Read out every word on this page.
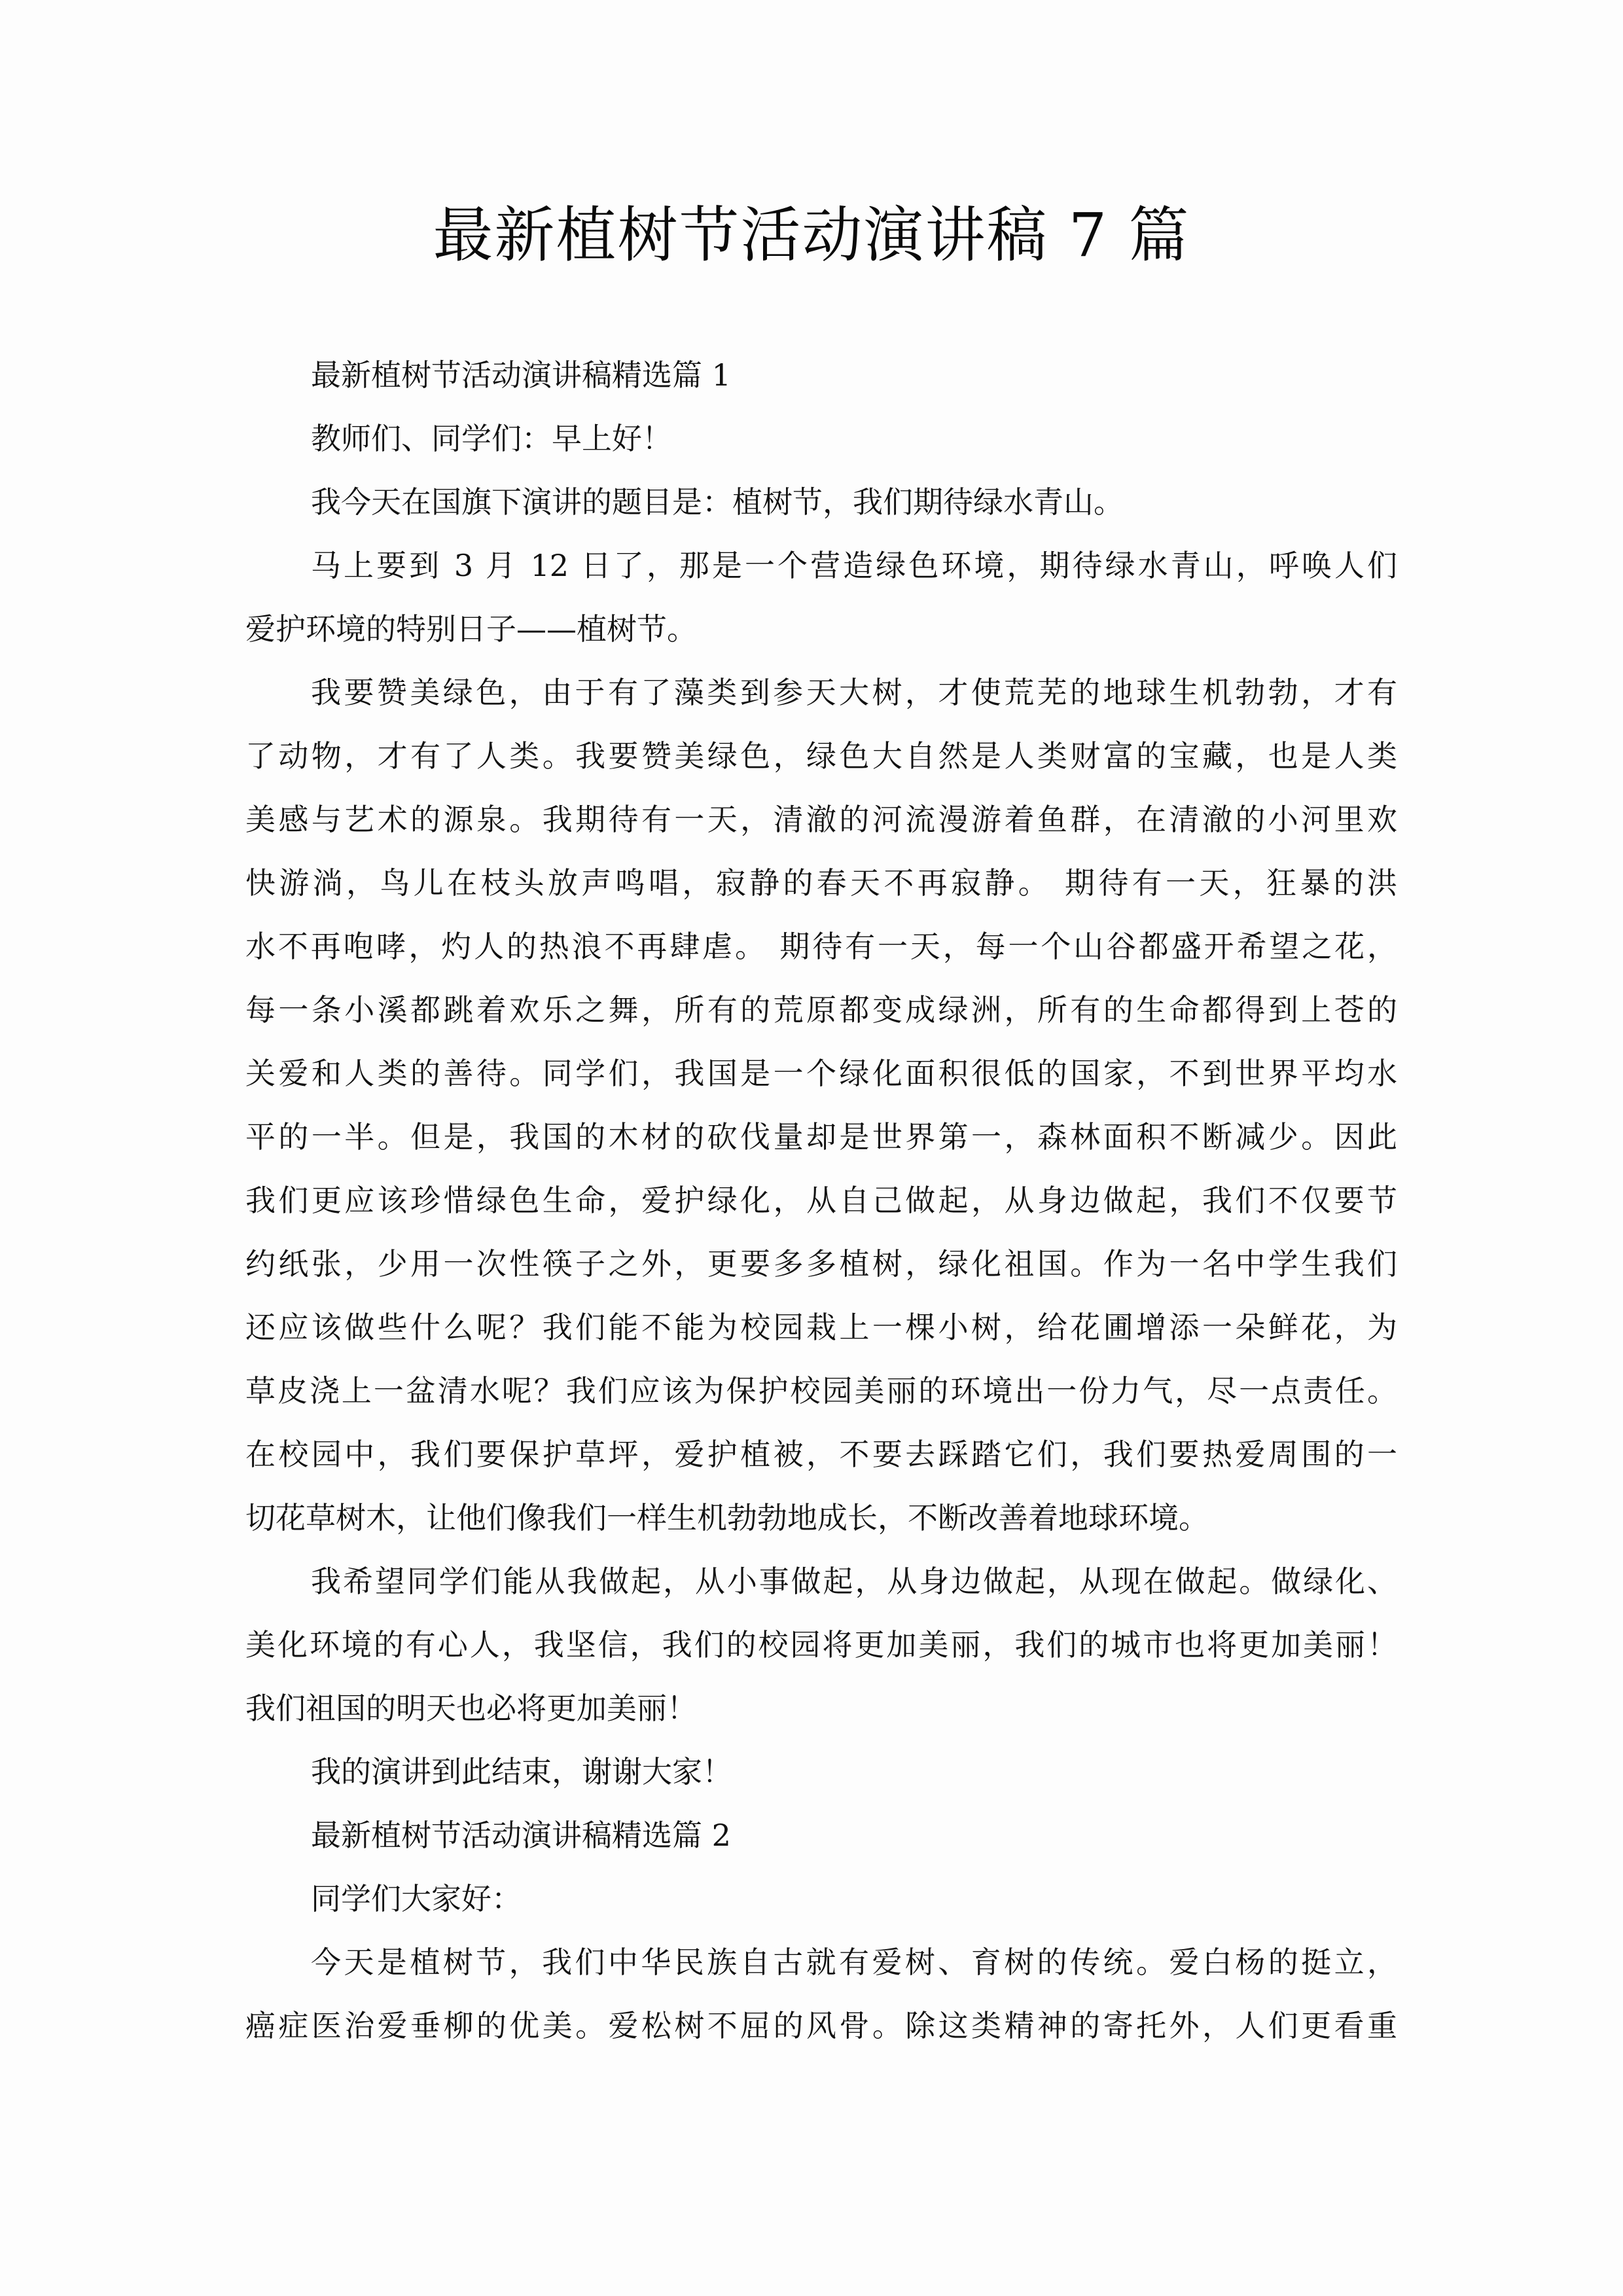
最新植树节活动演讲稿 7 篇
最新植树节活动演讲稿精选篇 1
教师们、同学们：早上好！
我今天在国旗下演讲的题目是：植树节，我们期待绿水青山。
马上要到 3 月 12 日了，那是一个营造绿色环境，期待绿水青山，呼唤人们
爱护环境的特别日子——植树节。
我要赞美绿色，由于有了藻类到参天大树，才使荒芜的地球生机勃勃，才有
了动物，才有了人类。我要赞美绿色，绿色大自然是人类财富的宝藏，也是人类
美感与艺术的源泉。我期待有一天，清澈的河流漫游着鱼群，在清澈的小河里欢
快游淌，鸟儿在枝头放声鸣唱，寂静的春天不再寂静。 期待有一天，狂暴的洪
水不再咆哮，灼人的热浪不再肆虐。 期待有一天，每一个山谷都盛开希望之花，
每一条小溪都跳着欢乐之舞，所有的荒原都变成绿洲，所有的生命都得到上苍的
关爱和人类的善待。同学们，我国是一个绿化面积很低的国家，不到世界平均水
平的一半。但是，我国的木材的砍伐量却是世界第一，森林面积不断减少。因此
我们更应该珍惜绿色生命，爱护绿化，从自己做起，从身边做起，我们不仅要节
约纸张，少用一次性筷子之外，更要多多植树，绿化祖国。作为一名中学生我们
还应该做些什么呢？我们能不能为校园栽上一棵小树，给花圃增添一朵鲜花，为
草皮浇上一盆清水呢？我们应该为保护校园美丽的环境出一份力气，尽一点责任。
在校园中，我们要保护草坪，爱护植被，不要去踩踏它们，我们要热爱周围的一
切花草树木，让他们像我们一样生机勃勃地成长，不断改善着地球环境。
我希望同学们能从我做起，从小事做起，从身边做起，从现在做起。做绿化、
美化环境的有心人，我坚信，我们的校园将更加美丽，我们的城市也将更加美丽！
我们祖国的明天也必将更加美丽！
我的演讲到此结束，谢谢大家！
最新植树节活动演讲稿精选篇 2
同学们大家好：
今天是植树节，我们中华民族自古就有爱树、育树的传统。爱白杨的挺立，
癌症医治爱垂柳的优美。爱松树不屈的风骨。除这类精神的寄托外，人们更看重
